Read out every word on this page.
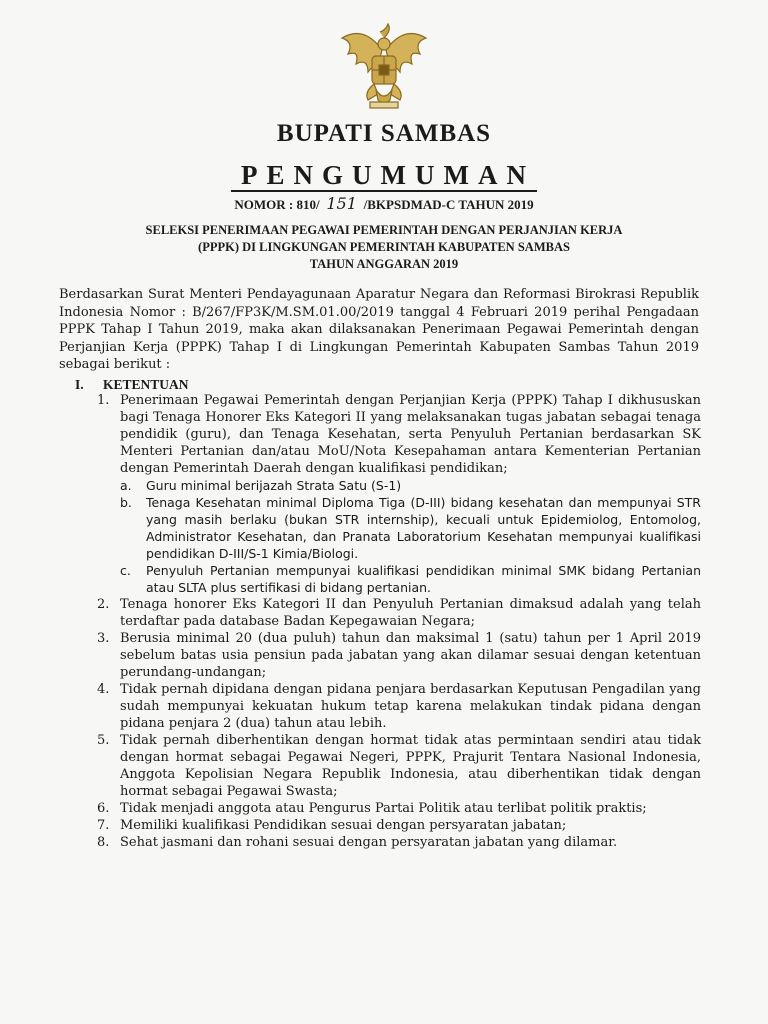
BUPATI SAMBAS
PENGUMUMAN
NOMOR : 810/ 151 /BKPSDMAD-C TAHUN 2019
SELEKSI PENERIMAAN PEGAWAI PEMERINTAH DENGAN PERJANJIAN KERJA
(PPPK) DI LINGKUNGAN PEMERINTAH KABUPATEN SAMBAS
TAHUN ANGGARAN 2019
Berdasarkan Surat Menteri Pendayagunaan Aparatur Negara dan Reformasi Birokrasi Republik Indonesia Nomor : B/267/FP3K/M.SM.01.00/2019 tanggal 4 Februari 2019 perihal Pengadaan PPPK Tahap I Tahun 2019, maka akan dilaksanakan Penerimaan Pegawai Pemerintah dengan Perjanjian Kerja (PPPK) Tahap I di Lingkungan Pemerintah Kabupaten Sambas Tahun 2019 sebagai berikut :
I. KETENTUAN
1. Penerimaan Pegawai Pemerintah dengan Perjanjian Kerja (PPPK) Tahap I dikhususkan bagi Tenaga Honorer Eks Kategori II yang melaksanakan tugas jabatan sebagai tenaga pendidik (guru), dan Tenaga Kesehatan, serta Penyuluh Pertanian berdasarkan SK Menteri Pertanian dan/atau MoU/Nota Kesepahaman antara Kementerian Pertanian dengan Pemerintah Daerah dengan kualifikasi pendidikan;
a. Guru minimal berijazah Strata Satu (S-1)
b. Tenaga Kesehatan minimal Diploma Tiga (D-III) bidang kesehatan dan mempunyai STR yang masih berlaku (bukan STR internship), kecuali untuk Epidemiolog, Entomolog, Administrator Kesehatan, dan Pranata Laboratorium Kesehatan mempunyai kualifikasi pendidikan D-III/S-1 Kimia/Biologi.
c. Penyuluh Pertanian mempunyai kualifikasi pendidikan minimal SMK bidang Pertanian atau SLTA plus sertifikasi di bidang pertanian.
2. Tenaga honorer Eks Kategori II dan Penyuluh Pertanian dimaksud adalah yang telah terdaftar pada database Badan Kepegawaian Negara;
3. Berusia minimal 20 (dua puluh) tahun dan maksimal 1 (satu) tahun per 1 April 2019 sebelum batas usia pensiun pada jabatan yang akan dilamar sesuai dengan ketentuan perundang-undangan;
4. Tidak pernah dipidana dengan pidana penjara berdasarkan Keputusan Pengadilan yang sudah mempunyai kekuatan hukum tetap karena melakukan tindak pidana dengan pidana penjara 2 (dua) tahun atau lebih.
5. Tidak pernah diberhentikan dengan hormat tidak atas permintaan sendiri atau tidak dengan hormat sebagai Pegawai Negeri, PPPK, Prajurit Tentara Nasional Indonesia, Anggota Kepolisian Negara Republik Indonesia, atau diberhentikan tidak dengan hormat sebagai Pegawai Swasta;
6. Tidak menjadi anggota atau Pengurus Partai Politik atau terlibat politik praktis;
7. Memiliki kualifikasi Pendidikan sesuai dengan persyaratan jabatan;
8. Sehat jasmani dan rohani sesuai dengan persyaratan jabatan yang dilamar.
